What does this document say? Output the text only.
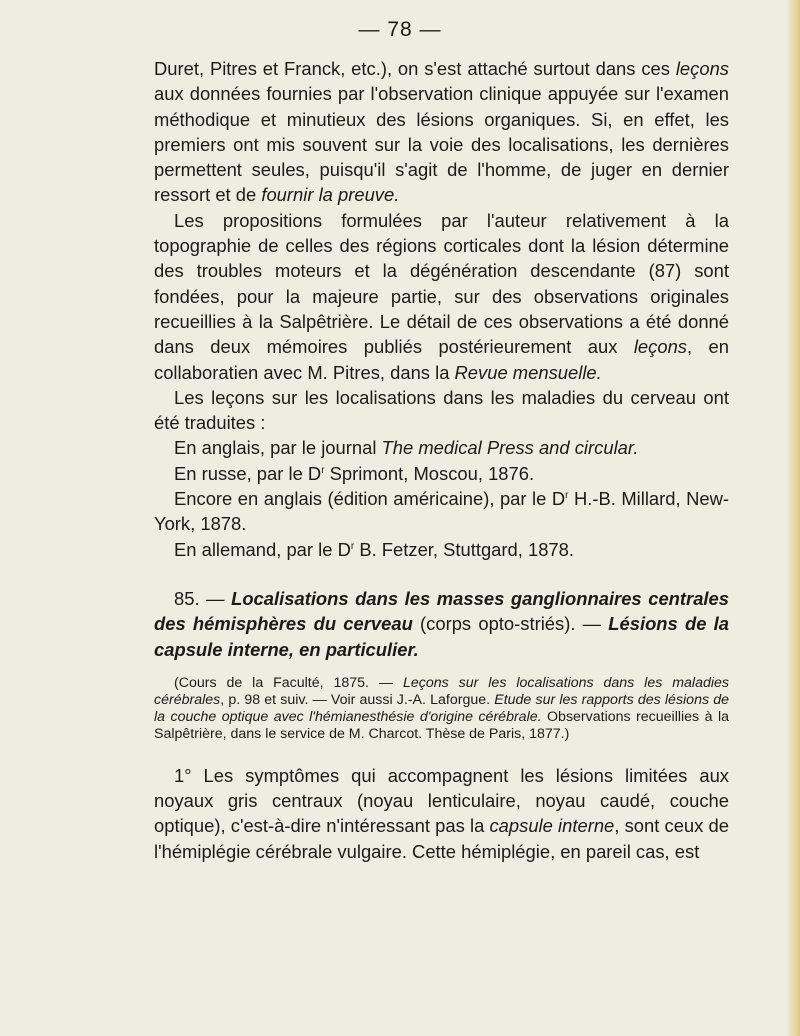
— 78 —

Duret, Pitres et Franck, etc.), on s'est attaché surtout dans ces leçons aux données fournies par l'observation clinique appuyée sur l'examen méthodique et minutieux des lésions organiques. Si, en effet, les premiers ont mis souvent sur la voie des localisations, les dernières permettent seules, puisqu'il s'agit de l'homme, de juger en dernier ressort et de fournir la preuve.

Les propositions formulées par l'auteur relativement à la topographie de celles des régions corticales dont la lésion détermine des troubles moteurs et la dégénération descendante (87) sont fondées, pour la majeure partie, sur des observations originales recueillies à la Salpêtrière. Le détail de ces observations a été donné dans deux mémoires publiés postérieurement aux leçons, en collaboratien avec M. Pitres, dans la Revue mensuelle.

Les leçons sur les localisations dans les maladies du cerveau ont été traduites :

En anglais, par le journal The medical Press and circular.

En russe, par le $D^r$ Sprimont, Moscou, 1876.

Encore en anglais (édition américaine), par le $D^r$ H.-B. Millard, New-York, 1878.

En allemand, par le $D^r$ B. Fetzer, Stuttgard, 1878.

85. — Localisations dans les masses ganglionnaires centrales des hémisphères du cerveau (corps opto-striés). — Lésions de la capsule interne, en particulier.

(Cours de la Faculté, 1875. — Leçons sur les localisations dans les maladies cérébrales, p. 98 et suiv. — Voir aussi J.-A. Laforgue. Etude sur les rapports des lésions de la couche optique avec l'hémianesthésie d'origine cérébrale. Observations recueillies à la Salpêtrière, dans le service de M. Charcot. Thèse de Paris, 1877.)

1° Les symptômes qui accompagnent les lésions limitées aux noyaux gris centraux (noyau lenticulaire, noyau caudé, couche optique), c'est-à-dire n'intéressant pas la capsule interne, sont ceux de l'hémiplégie cérébrale vulgaire. Cette hémiplégie, en pareil cas, est
